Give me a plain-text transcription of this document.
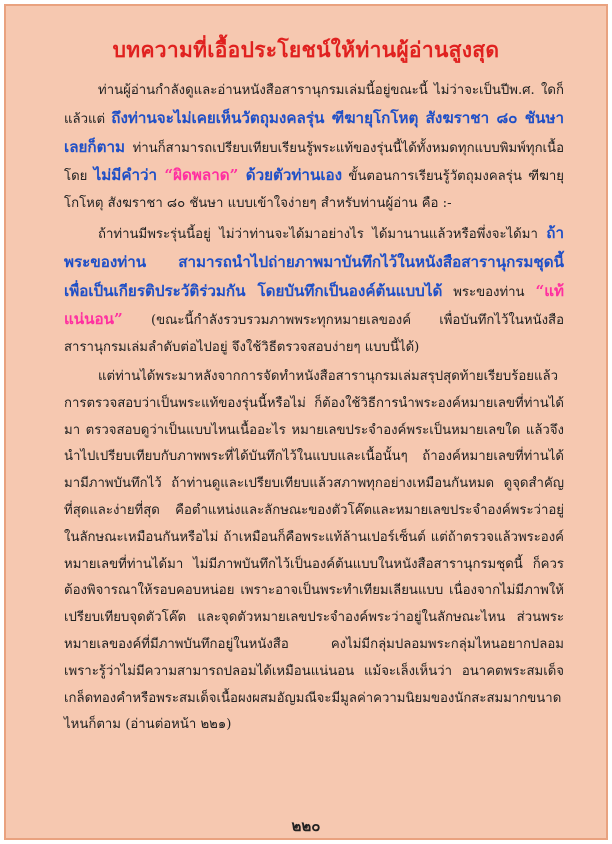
บทความที่เอื้อประโยชน์ให้ท่านผู้อ่านสูงสุด

ท่านผู้อ่านกำลังดูและอ่านหนังสือสารานุกรมเล่มนี้อยู่ขณะนี้ ไม่ว่าจะเป็นปีพ.ศ. ใดก็แล้วแต่ ถึงท่านจะไม่เคยเห็นวัตถุมงคลรุ่น ฑีฆายุโกโหตุ สังฆราชา ๘๐ ชันษาเลยก็ตาม ท่านก็สามารถเปรียบเทียบเรียนรู้พระแท้ของรุ่นนี้ได้ทั้งหมดทุกแบบพิมพ์ทุกเนื้อ โดย ไม่มีคำว่า “ผิดพลาด” ด้วยตัวท่านเอง ขั้นตอนการเรียนรู้วัตถุมงคลรุ่น ฑีฆายุโกโหตุ สังฆราชา ๘๐ ชันษา แบบเข้าใจง่ายๆ สำหรับท่านผู้อ่าน คือ :-

ถ้าท่านมีพระรุ่นนี้อยู่ ไม่ว่าท่านจะได้มาอย่างไร ได้มานานแล้วหรือพึ่งจะได้มา ถ้าพระของท่าน สามารถนำไปถ่ายภาพมาบันทึกไว้ในหนังสือสารานุกรมชุดนี้ เพื่อเป็นเกียรติประวัติร่วมกัน โดยบันทึกเป็นองค์ต้นแบบได้ พระของท่าน “แท้แน่นอน” (ขณะนี้กำลังรวบรวมภาพพระทุกหมายเลของค์ เพื่อบันทึกไว้ในหนังสือสารานุกรมเล่มลำดับต่อไปอยู่ จึงใช้วิธีตรวจสอบง่ายๆ แบบนี้ได้)

แต่ท่านได้พระมาหลังจากการจัดทำหนังสือสารานุกรมเล่มสรุปสุดท้ายเรียบร้อยแล้ว การตรวจสอบว่าเป็นพระแท้ของรุ่นนี้หรือไม่ ก็ต้องใช้วิธีการนำพระองค์หมายเลขที่ท่านได้มา ตรวจสอบดูว่าเป็นแบบไหนเนื้ออะไร หมายเลขประจำองค์พระเป็นหมายเลขใด แล้วจึงนำไปเปรียบเทียบกับภาพพระที่ได้บันทึกไว้ในแบบและเนื้อนั้นๆ ถ้าองค์หมายเลขที่ท่านได้มามีภาพบันทึกไว้ ถ้าท่านดูและเปรียบเทียบแล้วสภาพทุกอย่างเหมือนกันหมด ดูจุดสำคัญที่สุดและง่ายที่สุด คือตำแหน่งและลักษณะของตัวโค๊ตและหมายเลขประจำองค์พระว่าอยู่ในลักษณะเหมือนกันหรือไม่ ถ้าเหมือนก็คือพระแท้ล้านเปอร์เซ็นต์ แต่ถ้าตรวจแล้วพระองค์หมายเลขที่ท่านได้มา ไม่มีภาพบันทึกไว้เป็นองค์ต้นแบบในหนังสือสารานุกรมชุดนี้ ก็ควรต้องพิจารณาให้รอบคอบหน่อย เพราะอาจเป็นพระทำเทียมเลียนแบบ เนื่องจากไม่มีภาพให้เปรียบเทียบจุดตัวโค๊ต และจุดตัวหมายเลขประจำองค์พระว่าอยู่ในลักษณะไหน ส่วนพระหมายเลของค์ที่มีภาพบันทึกอยู่ในหนังสือ คงไม่มีกลุ่มปลอมพระกลุ่มไหนอยากปลอม เพราะรู้ว่าไม่มีความสามารถปลอมได้เหมือนแน่นอน แม้จะเล็งเห็นว่า อนาคตพระสมเด็จเกล็ดทองคำหรือพระสมเด็จเนื้อผงผสมอัญมณีจะมีมูลค่าความนิยมของนักสะสมมากขนาดไหนก็ตาม (อ่านต่อหน้า ๒๒๑)

๒๒๐
